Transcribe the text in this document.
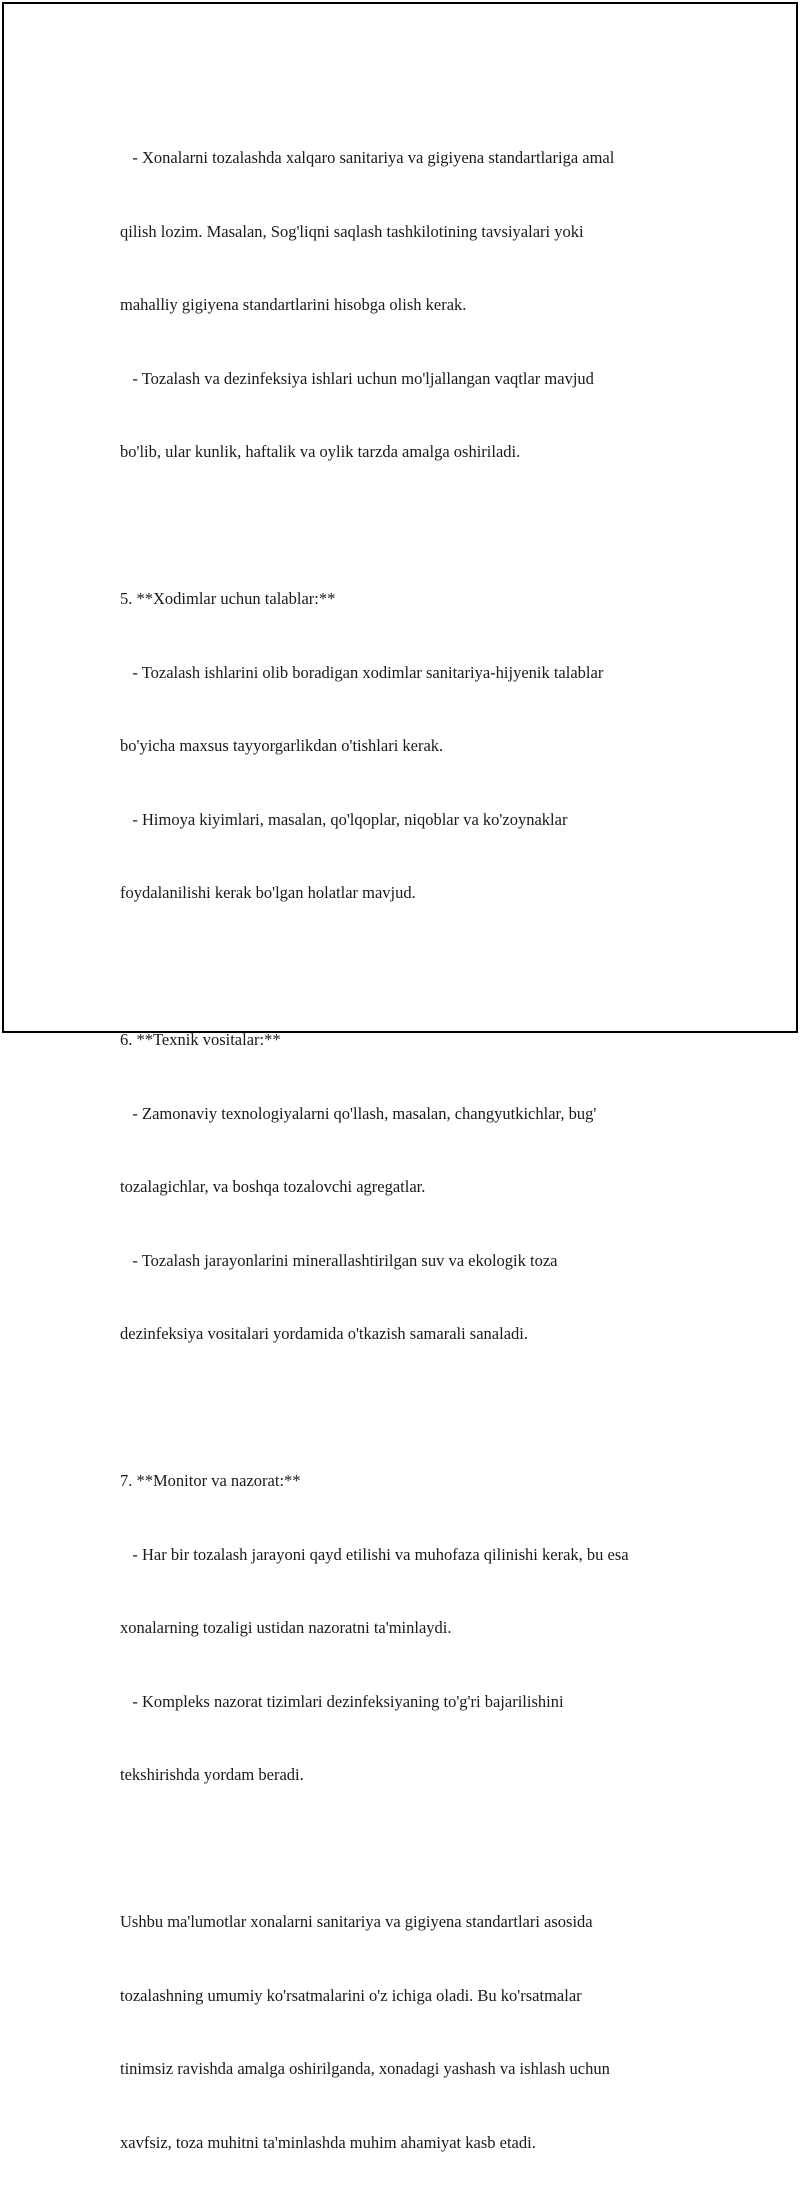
- Xonalarni tozalashda xalqaro sanitariya va gigiyena standartlariga amal

qilish lozim. Masalan, Sog'liqni saqlash tashkilotining tavsiyalari yoki

mahalliy gigiyena standartlarini hisobga olish kerak.

- Tozalash va dezinfeksiya ishlari uchun mo'ljallangan vaqtlar mavjud

bo'lib, ular kunlik, haftalik va oylik tarzda amalga oshiriladi.

5. **Xodimlar uchun talablar:**

- Tozalash ishlarini olib boradigan xodimlar sanitariya-hijyenik talablar

bo'yicha maxsus tayyorgarlikdan o'tishlari kerak.

- Himoya kiyimlari, masalan, qo'lqoplar, niqoblar va ko'zoynaklar

foydalanilishi kerak bo'lgan holatlar mavjud.

6. **Texnik vositalar:**

- Zamonaviy texnologiyalarni qo'llash, masalan, changyutkichlar, bug'

tozalagichlar, va boshqa tozalovchi agregatlar.

- Tozalash jarayonlarini minerallashtirilgan suv va ekologik toza

dezinfeksiya vositalari yordamida o'tkazish samarali sanaladi.

7. **Monitor va nazorat:**

- Har bir tozalash jarayoni qayd etilishi va muhofaza qilinishi kerak, bu esa

xonalarning tozaligi ustidan nazoratni ta'minlaydi.

- Kompleks nazorat tizimlari dezinfeksiyaning to'g'ri bajarilishini

tekshirishda yordam beradi.

Ushbu ma'lumotlar xonalarni sanitariya va gigiyena standartlari asosida

tozalashning umumiy ko'rsatmalarini o'z ichiga oladi. Bu ko'rsatmalar

tinimsiz ravishda amalga oshirilganda, xonadagi yashash va ishlash uchun

xavfsiz, toza muhitni ta'minlashda muhim ahamiyat kasb etadi.
